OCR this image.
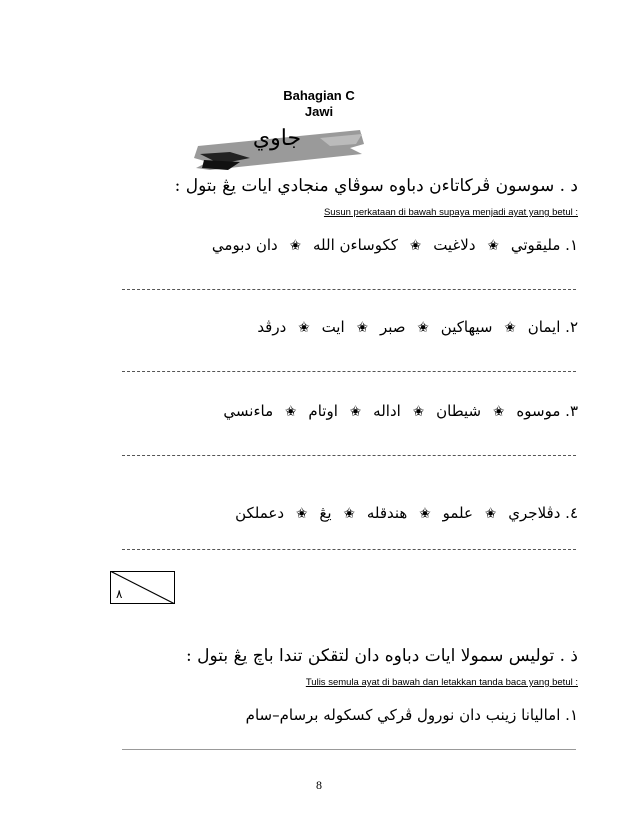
Bahagian C
Jawi
جاوي
د . سوسون ڤرکاتاءن دباوه سوڤاي منجادي ايات يڠ بتول :
Susun perkataan di bawah supaya menjadi ayat yang betul :
١. مليقوتي ✬ دلاغيت ✬ ککوساءن الله ✬ دان دبومي
٢. ايمان ✬ سيهاکين ✬ صبر ✬ ايت ✬ درڤد
٣. موسوه ✬ شيطان ✬ اداله ✬ اوتام ✬ ماءنسي
٤. دڤلاجري ✬ علمو ✬ هندقله ✬ يڠ ✬ دعملکن
٨
ذ . توليس سمولا ايات دباوه دان لتقکن تندا باچ يڠ بتول :
Tulis semula ayat di bawah dan letakkan tanda baca yang betul :
١. اماليانا زينب دان نورول ڤرکي کسکوله برسام–سام
8
